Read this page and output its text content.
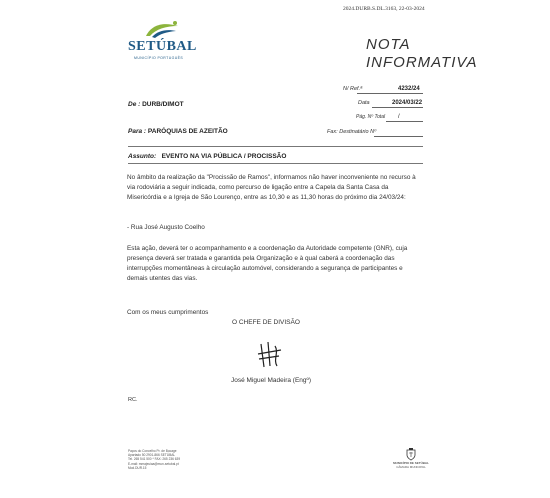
2024.DURB.S.DL.3163, 22-03-2024
SETÚBAL
MUNICÍPIO PORTUGUÊS
NOTA
INFORMATIVA
N/ Ref.ª	4232/24
Data	2024/03/22
Pág. Nº Total /
Fax: Destinatário Nº
De : DURB/DIMOT
Para : PARÓQUIAS DE AZEITÃO
Assunto: EVENTO NA VIA PÚBLICA / PROCISSÃO
No âmbito da realização da "Procissão de Ramos", informamos não haver inconveniente no recurso à via rodoviária a seguir indicada, como percurso de ligação entre a Capela da Santa Casa da Misericórdia e a Igreja de São Lourenço, entre as 10,30 e as 11,30 horas do próximo dia 24/03/24:
- Rua José Augusto Coelho
Esta ação, deverá ter o acompanhamento e a coordenação da Autoridade competente (GNR), cuja presença deverá ser tratada e garantida pela Organização e à qual caberá a coordenação das interrupções momentâneas à circulação automóvel, considerando a segurança de participantes e demais utentes das vias.
Com os meus cumprimentos
O CHEFE DE DIVISÃO
José Miguel Madeira (Engº)
RC.
Paços do Concelho Pr. de Bocage
Apartado 50 2901-866 SETÚBAL
Tel. 265 541 500 * FAX: 265 236 639
E-mail: mmajeuiaa@mun-setubal.pt
Mod.DUR.15
MUNICÍPIO DE SETÚBAL
CÂMARA MUNICIPAL
